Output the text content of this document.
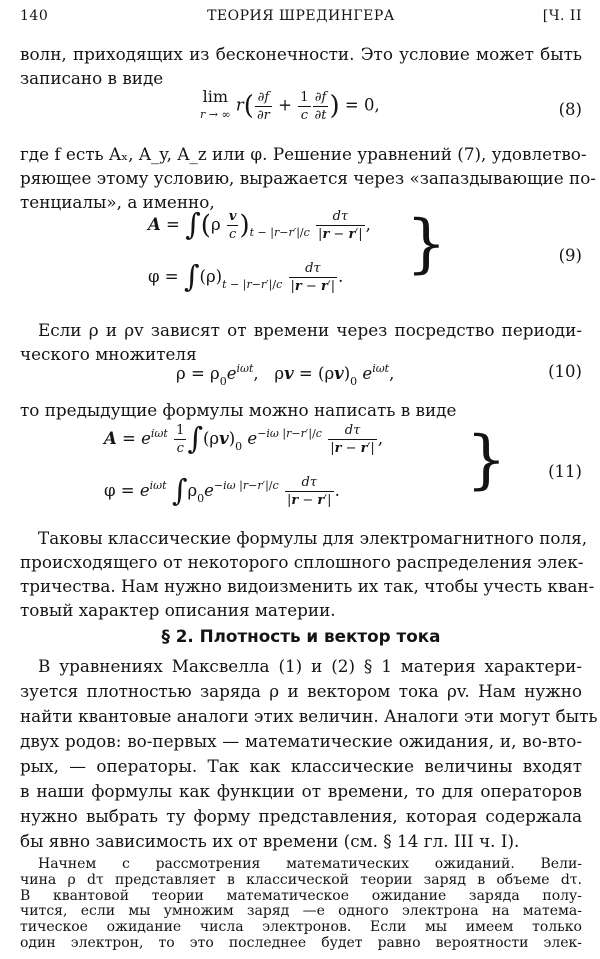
140	ТЕОРИЯ ШРЕДИНГЕРА	[Ч. II
волн, приходящих из бесконечности. Это условие может быть
записано в виде
lim
r → ∞ $r( \frac{\partial f}{\partial r} + \frac{1}{c} \frac{\partial f}{\partial t}$ ) = 0,	(8)
где f есть Aₓ, A_y, A_z или φ. Решение уравнений (7), удовлетво-
ряющее этому условию, выражается через «запаздывающие по-
тенциалы», а именно,
$A = \int(\rho \frac{v}{c} )_{t - |r-r'|/c} \frac{d\tau}{|r - r'|}$ ,
$\varphi = \int(\rho)_{t - |r-r'|/c} \frac{d\tau}{|r - r'|}$ . }	(9)
Если ρ и ρv зависят от времени через посредство периоди-
ческого множителя
$\rho = \rho_0e^{i\omega t}$,   $\rho v = (\rho v)_0$ $e^{i\omega t}$,	(10)
то предыдущие формулы можно написать в виде
$A = e^{i\omega t} \frac{1}{c} \int(\rho v)_0$ $e^{-i\omega |r-r'|/c} \frac{d\tau}{|r - r'|}$ ,
$\varphi = e^{i\omega t}$ $\int\rho_0e^{-i\omega |r-r'|/c} \frac{d\tau}{|r - r'|}$ . }	(11)
Таковы классические формулы для электромагнитного поля,
происходящего от некоторого сплошного распределения элек-
тричества. Нам нужно видоизменить их так, чтобы учесть кван-
товый характер описания материи.
§ 2. Плотность и вектор тока
В уравнениях Максвелла (1) и (2) § 1 материя характери-
зуется плотностью заряда ρ и вектором тока ρv. Нам нужно
найти квантовые аналоги этих величин. Аналоги эти могут быть
двух родов: во-первых — математические ожидания, и, во-вто-
рых, — операторы. Так как классические величины входят
в наши формулы как функции от времени, то для операторов
нужно выбрать ту форму представления, которая содержала
бы явно зависимость их от времени (см. § 14 гл. III ч. I).
Начнем с рассмотрения математических ожиданий. Вели-
чина ρ dτ представляет в классической теории заряд в объеме dτ.
В квантовой теории математическое ожидание заряда полу-
чится, если мы умножим заряд —e одного электрона на матема-
тическое ожидание числа электронов. Если мы имеем только
один электрон, то это последнее будет равно вероятности элек-
